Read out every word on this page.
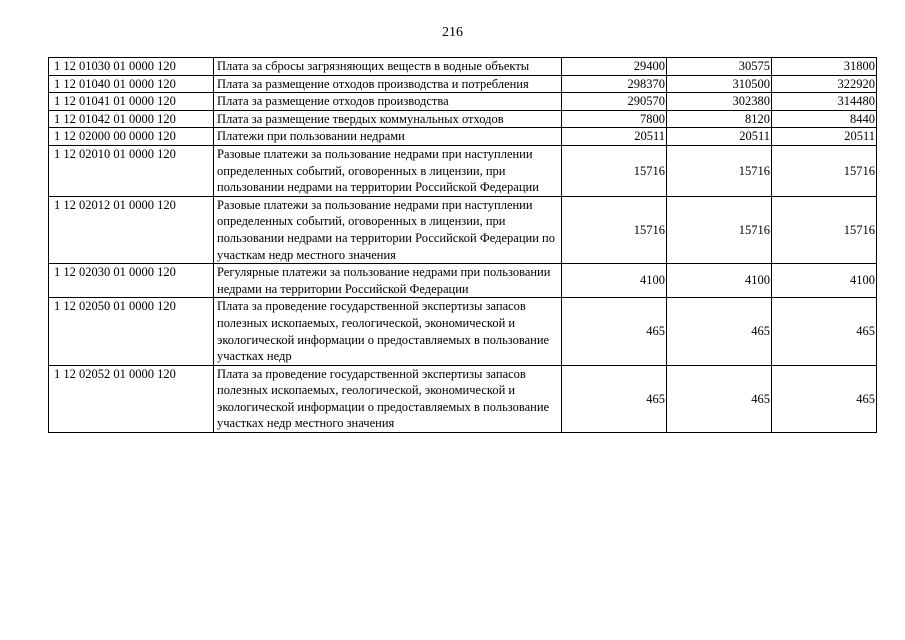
216
1 12 01030 01 0000 120	Плата за сбросы загрязняющих веществ в водные объекты	29400	30575	31800
1 12 01040 01 0000 120	Плата за размещение отходов производства и потребления	298370	310500	322920
1 12 01041 01 0000 120	Плата за размещение отходов производства	290570	302380	314480
1 12 01042 01 0000 120	Плата за размещение твердых коммунальных отходов	7800	8120	8440
1 12 02000 00 0000 120	Платежи при пользовании недрами	20511	20511	20511
1 12 02010 01 0000 120	Разовые платежи за пользование недрами при наступлении определенных событий, оговоренных в лицензии, при пользовании недрами на территории Российской Федерации	15716	15716	15716
1 12 02012 01 0000 120	Разовые платежи за пользование недрами при наступлении определенных событий, оговоренных в лицензии, при пользовании недрами на территории Российской Федерации по участкам недр местного значения	15716	15716	15716
1 12 02030 01 0000 120	Регулярные платежи за пользование недрами при пользовании недрами на территории Российской Федерации	4100	4100	4100
1 12 02050 01 0000 120	Плата за проведение государственной экспертизы запасов полезных ископаемых, геологической, экономической и экологической информации о предоставляемых в пользование участках недр	465	465	465
1 12 02052 01 0000 120	Плата за проведение государственной экспертизы запасов полезных ископаемых, геологической, экономической и экологической информации о предоставляемых в пользование участках недр местного значения	465	465	465
